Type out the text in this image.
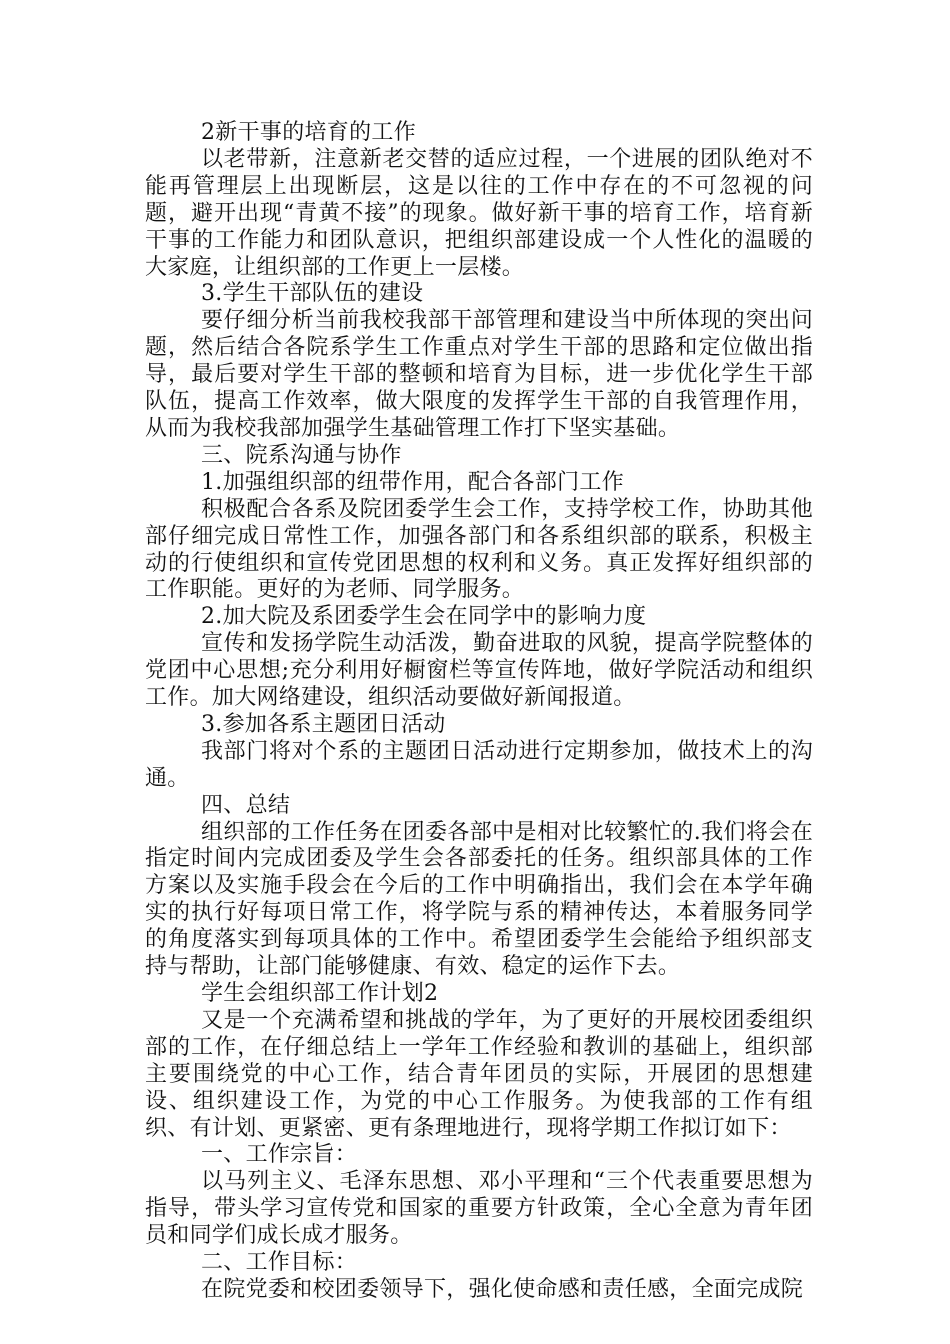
2新干事的培育的工作

以老带新，注意新老交替的适应过程，一个进展的团队绝对不能再管理层上出现断层，这是以往的工作中存在的不可忽视的问题，避开出现“青黄不接”的现象。做好新干事的培育工作，培育新干事的工作能力和团队意识，把组织部建设成一个人性化的温暖的大家庭，让组织部的工作更上一层楼。

3.学生干部队伍的建设

要仔细分析当前我校我部干部管理和建设当中所体现的突出问题，然后结合各院系学生工作重点对学生干部的思路和定位做出指导，最后要对学生干部的整顿和培育为目标，进一步优化学生干部队伍，提高工作效率，做大限度的发挥学生干部的自我管理作用，从而为我校我部加强学生基础管理工作打下坚实基础。

三、院系沟通与协作

1.加强组织部的纽带作用，配合各部门工作

积极配合各系及院团委学生会工作，支持学校工作，协助其他部仔细完成日常性工作，加强各部门和各系组织部的联系，积极主动的行使组织和宣传党团思想的权利和义务。真正发挥好组织部的工作职能。更好的为老师、同学服务。

2.加大院及系团委学生会在同学中的影响力度

宣传和发扬学院生动活泼，勤奋进取的风貌，提高学院整体的党团中心思想;充分利用好橱窗栏等宣传阵地，做好学院活动和组织工作。加大网络建设，组织活动要做好新闻报道。

3.参加各系主题团日活动

我部门将对个系的主题团日活动进行定期参加，做技术上的沟通。

四、总结

组织部的工作任务在团委各部中是相对比较繁忙的.我们将会在指定时间内完成团委及学生会各部委托的任务。组织部具体的工作方案以及实施手段会在今后的工作中明确指出，我们会在本学年确实的执行好每项日常工作，将学院与系的精神传达，本着服务同学的角度落实到每项具体的工作中。希望团委学生会能给予组织部支持与帮助，让部门能够健康、有效、稳定的运作下去。

学生会组织部工作计划2

又是一个充满希望和挑战的学年，为了更好的开展校团委组织部的工作，在仔细总结上一学年工作经验和教训的基础上，组织部主要围绕党的中心工作，结合青年团员的实际，开展团的思想建设、组织建设工作，为党的中心工作服务。为使我部的工作有组织、有计划、更紧密、更有条理地进行，现将学期工作拟订如下：

一、工作宗旨：

以马列主义、毛泽东思想、邓小平理和“三个代表重要思想为指导，带头学习宣传党和国家的重要方针政策，全心全意为青年团员和同学们成长成才服务。

二、工作目标：

在院党委和校团委领导下，强化使命感和责任感，全面完成院
